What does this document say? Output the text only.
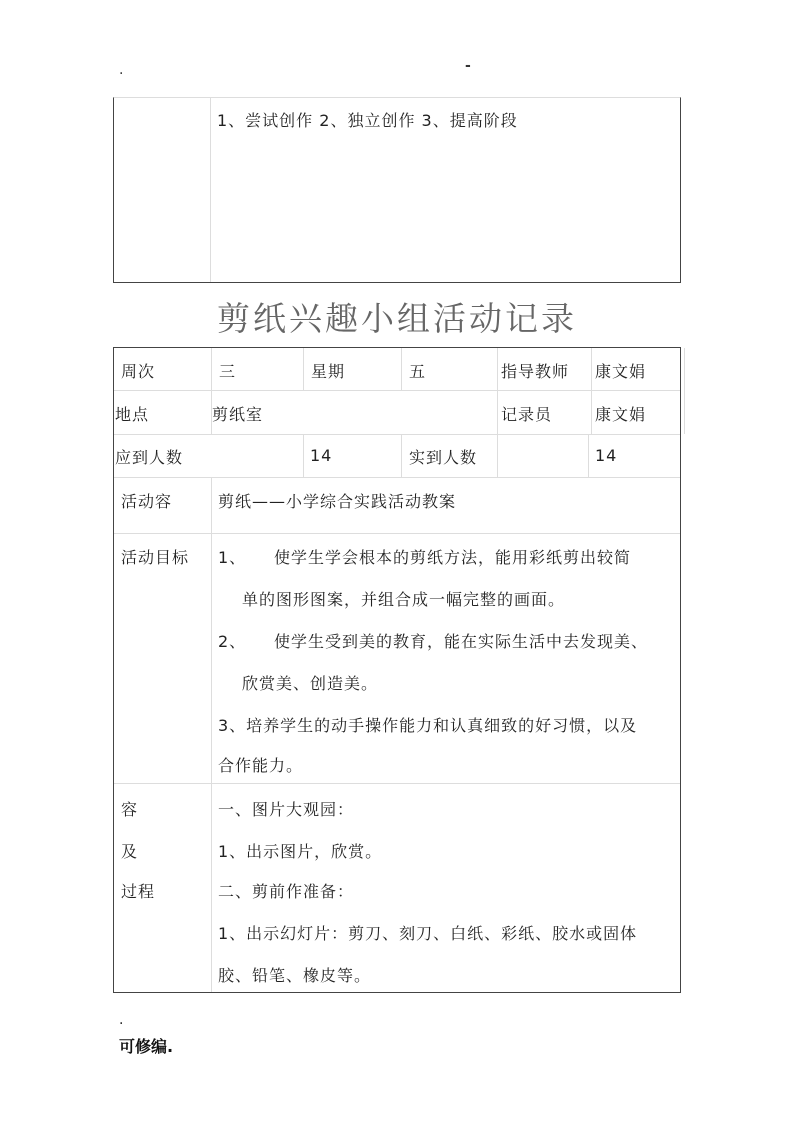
.	-
1、尝试创作 2、独立创作 3、提高阶段
剪纸兴趣小组活动记录
周次	三	星期	五	指导教师 康文娟
地点	剪纸室	记录员	康文娟
应到人数	14	实到人数	14
活动容	剪纸——小学综合实践活动教案
活动目标 1、 使学生学会根本的剪纸方法，能用彩纸剪出较简
单的图形图案，并组合成一幅完整的画面。
2、 使学生受到美的教育，能在实际生活中去发现美、
欣赏美、创造美。
3、培养学生的动手操作能力和认真细致的好习惯，以及
合作能力。
容
及
过程
一、图片大观园：
1、出示图片，欣赏。
二、剪前作准备：
1、出示幻灯片：剪刀、刻刀、白纸、彩纸、胶水或固体
胶、铅笔、橡皮等。
.
可修编.
